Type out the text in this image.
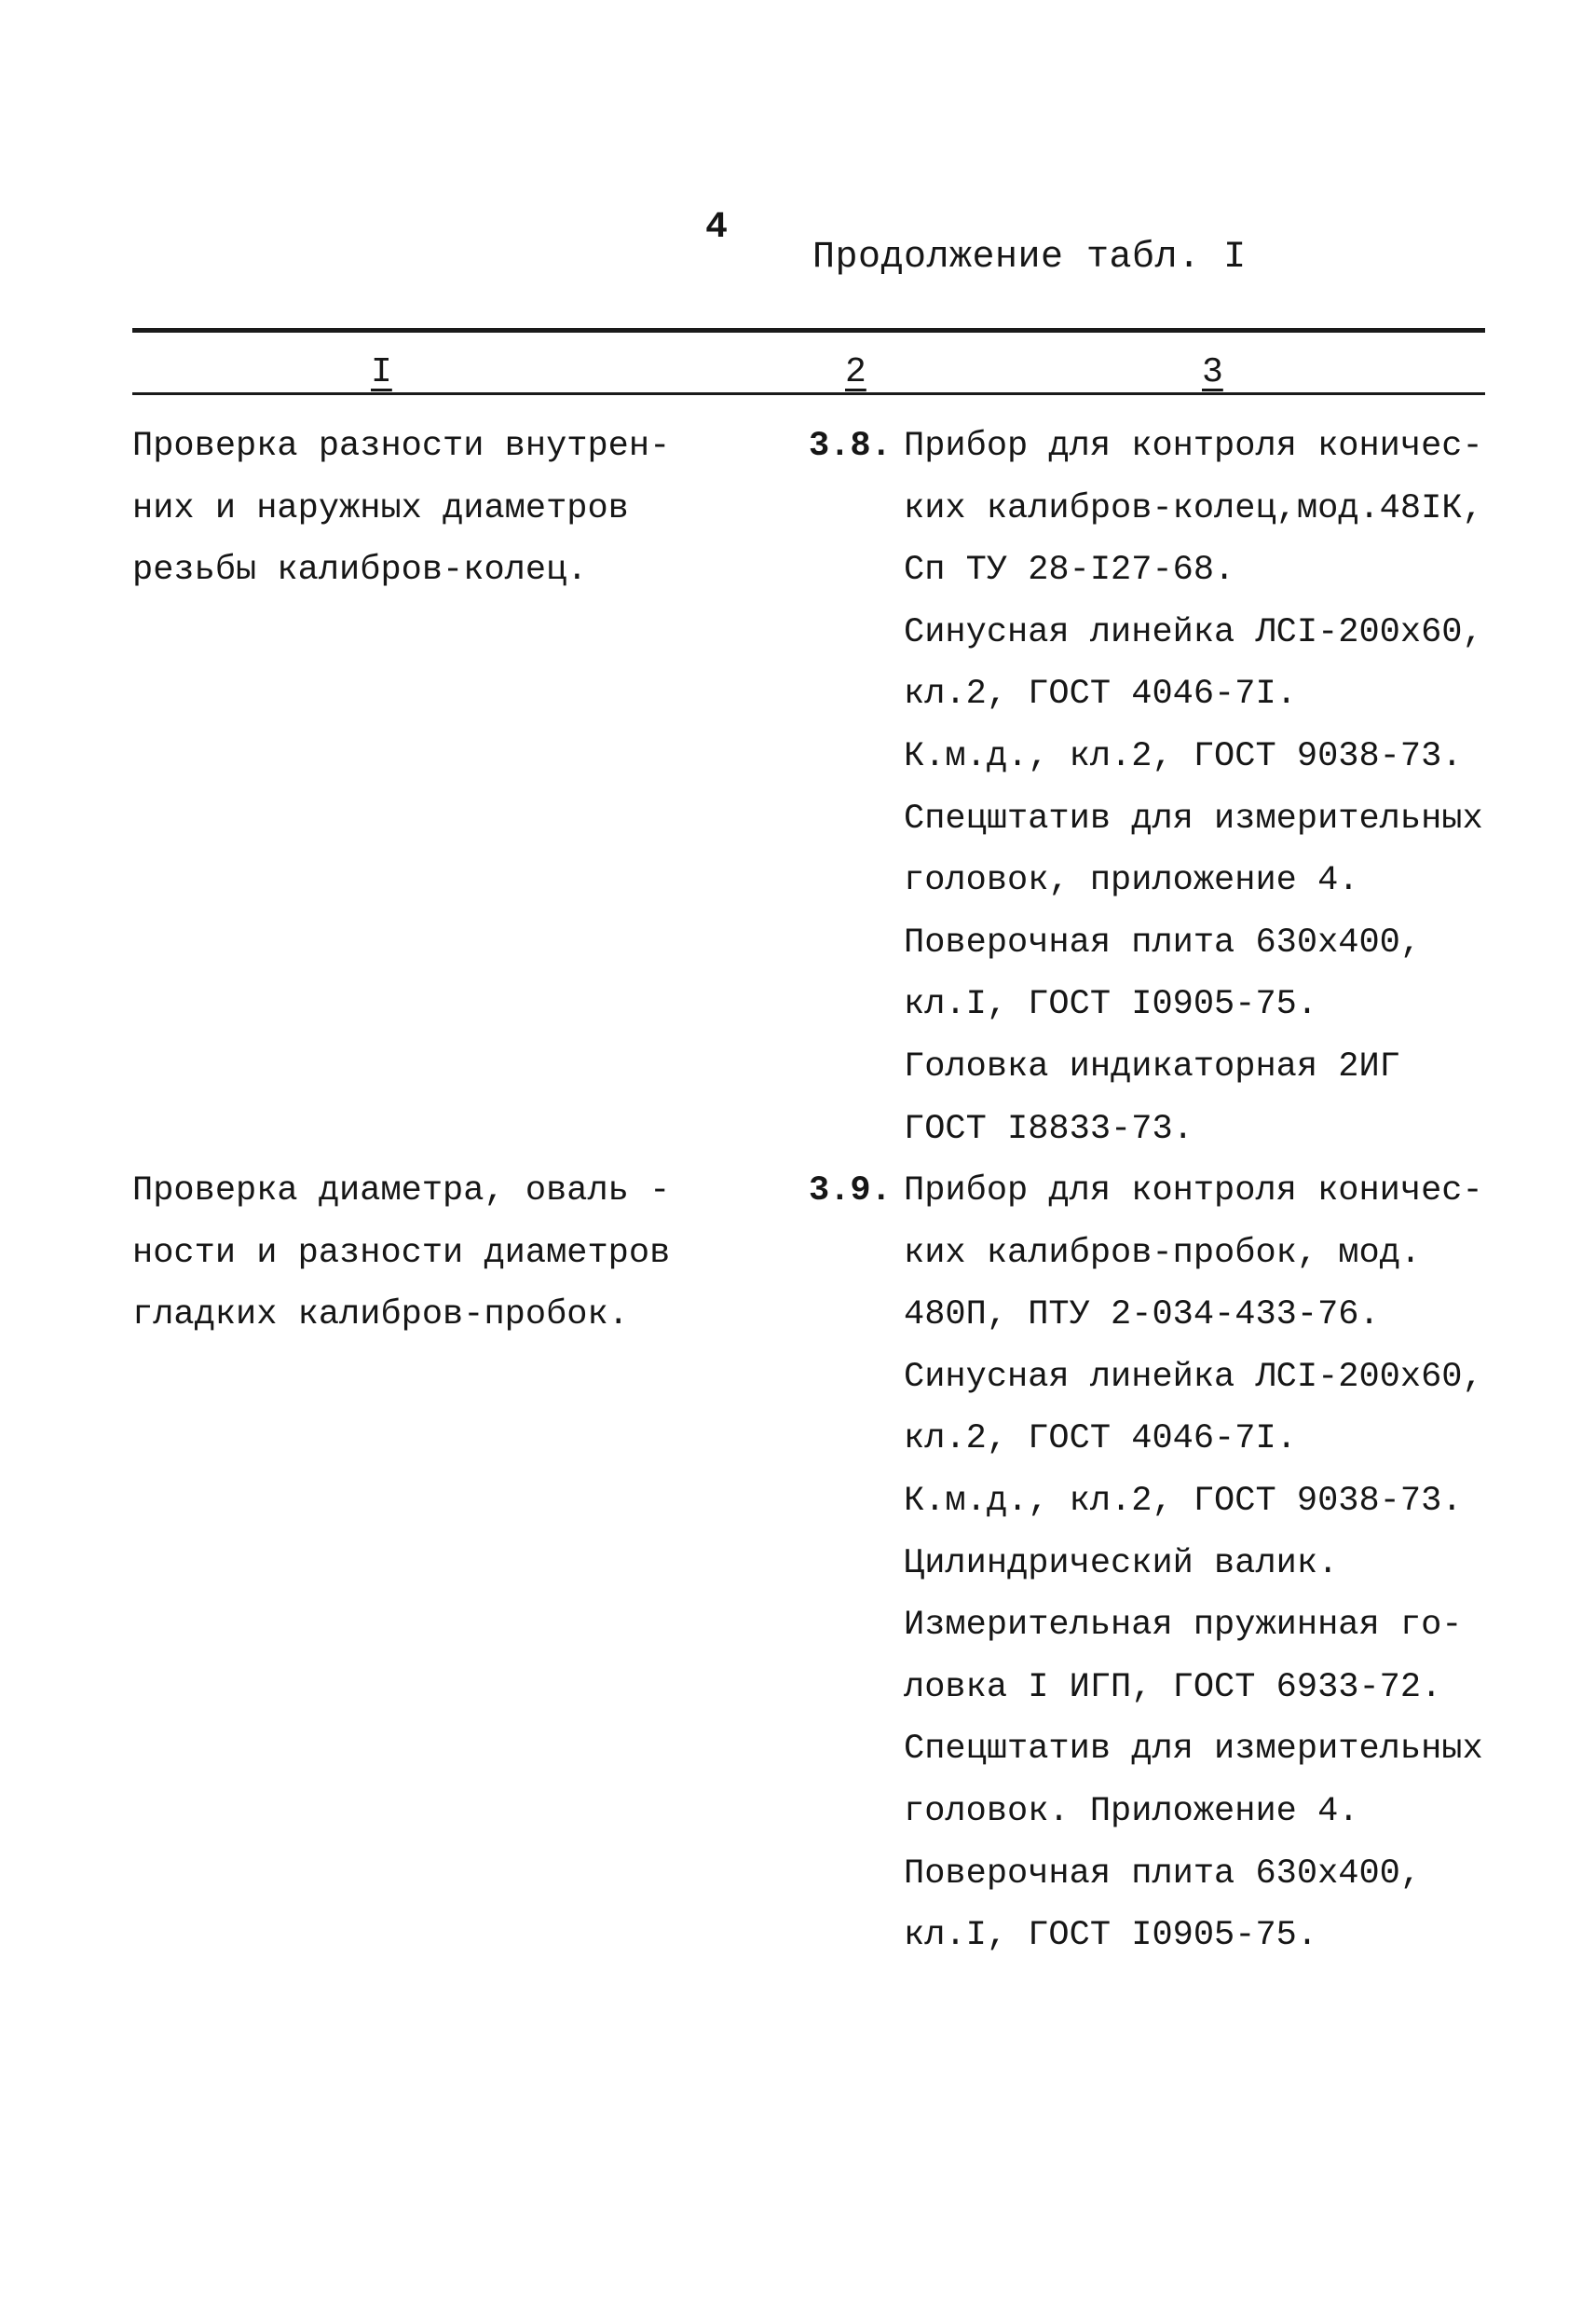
4
Продолжение табл. I
I	2	3
Проверка разности внутрен-
них и наружных диаметров
резьбы калибров-колец.
3.8. Прибор для контроля коничес-
ких калибров-колец,мод.48IК,
Сп ТУ 28-I27-68.
Синусная линейка ЛСI-200х60,
кл.2, ГОСТ 4046-7I.
К.м.д., кл.2, ГОСТ 9038-73.
Спецштатив для измерительных
головок, приложение 4.
Поверочная плита 630х400,
кл.I, ГОСТ I0905-75.
Головка индикаторная 2ИГ
ГОСТ I8833-73.
Проверка диаметра, оваль -
ности и разности диаметров
гладких калибров-пробок.
3.9. Прибор для контроля коничес-
ких калибров-пробок, мод.
480П, ПТУ 2-034-433-76.
Синусная линейка ЛСI-200х60,
кл.2, ГОСТ 4046-7I.
К.м.д., кл.2, ГОСТ 9038-73.
Цилиндрический валик.
Измерительная пружинная го-
ловка I ИГП, ГОСТ 6933-72.
Спецштатив для измерительных
головок. Приложение 4.
Поверочная плита 630х400,
кл.I, ГОСТ I0905-75.
